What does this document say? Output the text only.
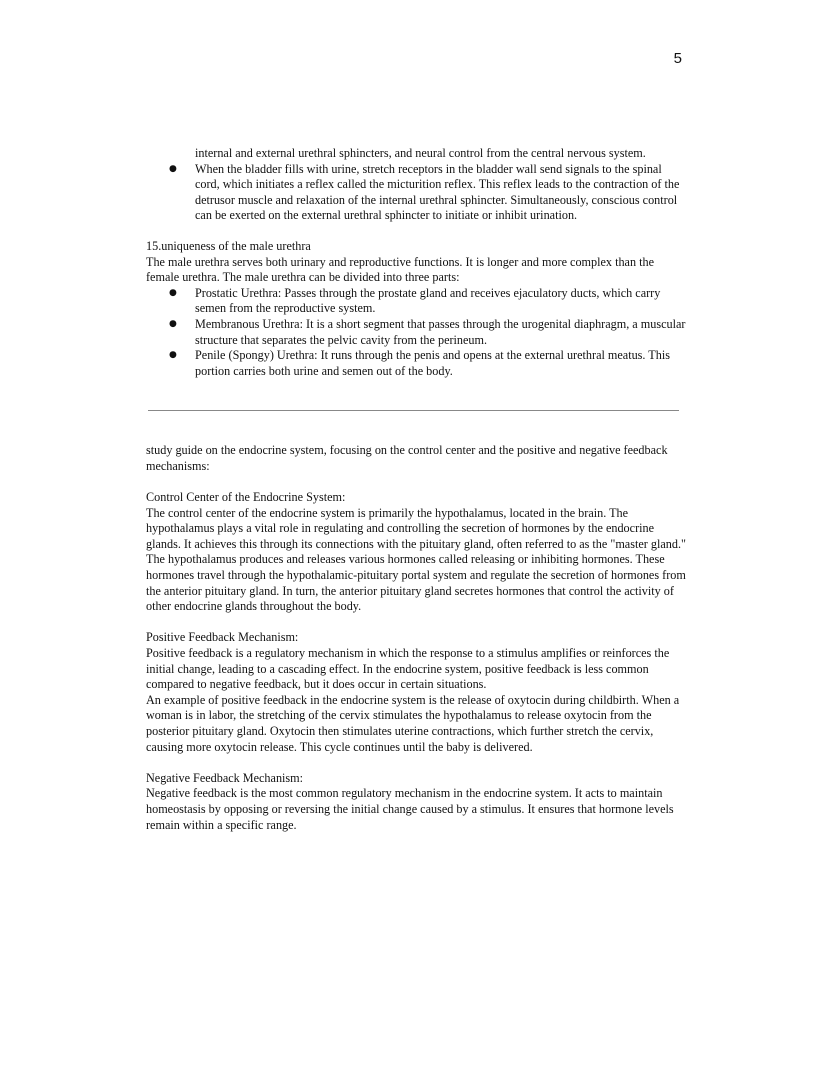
5
internal and external urethral sphincters, and neural control from the central nervous system.
● When the bladder fills with urine, stretch receptors in the bladder wall send signals to the spinal cord, which initiates a reflex called the micturition reflex. This reflex leads to the contraction of the detrusor muscle and relaxation of the internal urethral sphincter. Simultaneously, conscious control can be exerted on the external urethral sphincter to initiate or inhibit urination.

15.uniqueness of the male urethra

The male urethra serves both urinary and reproductive functions. It is longer and more complex than the female urethra. The male urethra can be divided into three parts:

● Prostatic Urethra: Passes through the prostate gland and receives ejaculatory ducts, which carry semen from the reproductive system.
● Membranous Urethra: It is a short segment that passes through the urogenital diaphragm, a muscular structure that separates the pelvic cavity from the perineum.
● Penile (Spongy) Urethra: It runs through the penis and opens at the external urethral meatus. This portion carries both urine and semen out of the body.

study guide on the endocrine system, focusing on the control center and the positive and negative feedback mechanisms:

Control Center of the Endocrine System:

The control center of the endocrine system is primarily the hypothalamus, located in the brain. The hypothalamus plays a vital role in regulating and controlling the secretion of hormones by the endocrine glands. It achieves this through its connections with the pituitary gland, often referred to as the "master gland."

The hypothalamus produces and releases various hormones called releasing or inhibiting hormones. These hormones travel through the hypothalamic-pituitary portal system and regulate the secretion of hormones from the anterior pituitary gland. In turn, the anterior pituitary gland secretes hormones that control the activity of other endocrine glands throughout the body.

Positive Feedback Mechanism:

Positive feedback is a regulatory mechanism in which the response to a stimulus amplifies or reinforces the initial change, leading to a cascading effect. In the endocrine system, positive feedback is less common compared to negative feedback, but it does occur in certain situations.

An example of positive feedback in the endocrine system is the release of oxytocin during childbirth. When a woman is in labor, the stretching of the cervix stimulates the hypothalamus to release oxytocin from the posterior pituitary gland. Oxytocin then stimulates uterine contractions, which further stretch the cervix, causing more oxytocin release. This cycle continues until the baby is delivered.

Negative Feedback Mechanism:

Negative feedback is the most common regulatory mechanism in the endocrine system. It acts to maintain homeostasis by opposing or reversing the initial change caused by a stimulus. It ensures that hormone levels remain within a specific range.
